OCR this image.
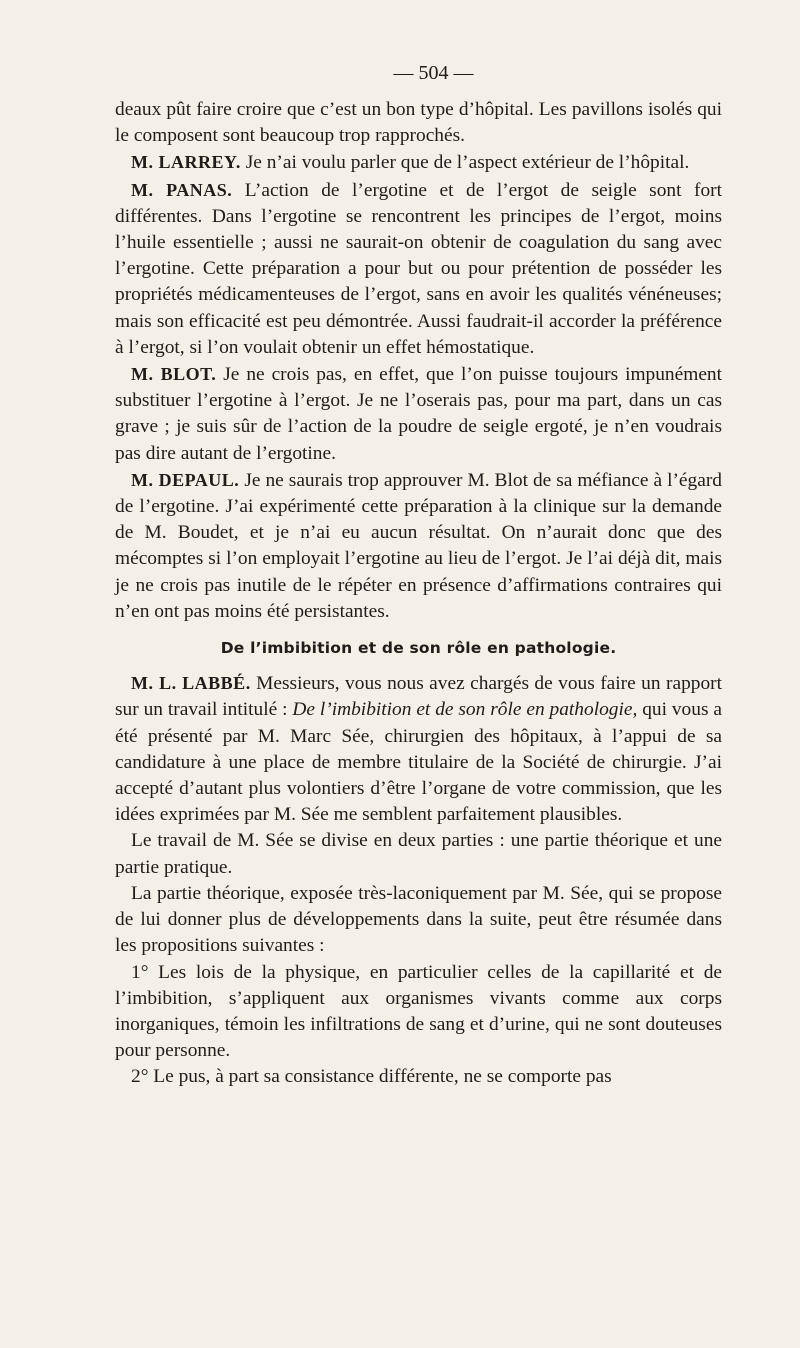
— 504 —

deaux pût faire croire que c’est un bon type d’hôpital. Les pavillons isolés qui le composent sont beaucoup trop rapprochés.

M. LARREY. Je n’ai voulu parler que de l’aspect extérieur de l’hôpital.

M. PANAS. L’action de l’ergotine et de l’ergot de seigle sont fort différentes. Dans l’ergotine se rencontrent les principes de l’ergot, moins l’huile essentielle ; aussi ne saurait-on obtenir de coagulation du sang avec l’ergotine. Cette préparation a pour but ou pour prétention de posséder les propriétés médicamenteuses de l’ergot, sans en avoir les qualités vénéneuses; mais son efficacité est peu démontrée. Aussi faudrait-il accorder la préférence à l’ergot, si l’on voulait obtenir un effet hémostatique.

M. BLOT. Je ne crois pas, en effet, que l’on puisse toujours impunément substituer l’ergotine à l’ergot. Je ne l’oserais pas, pour ma part, dans un cas grave ; je suis sûr de l’action de la poudre de seigle ergoté, je n’en voudrais pas dire autant de l’ergotine.

M. DEPAUL. Je ne saurais trop approuver M. Blot de sa méfiance à l’égard de l’ergotine. J’ai expérimenté cette préparation à la clinique sur la demande de M. Boudet, et je n’ai eu aucun résultat. On n’aurait donc que des mécomptes si l’on employait l’ergotine au lieu de l’ergot. Je l’ai déjà dit, mais je ne crois pas inutile de le répéter en présence d’affirmations contraires qui n’en ont pas moins été persistantes.

De l’imbibition et de son rôle en pathologie.

M. L. LABBÉ. Messieurs, vous nous avez chargés de vous faire un rapport sur un travail intitulé : De l’imbibition et de son rôle en pathologie, qui vous a été présenté par M. Marc Sée, chirurgien des hôpitaux, à l’appui de sa candidature à une place de membre titulaire de la Société de chirurgie. J’ai accepté d’autant plus volontiers d’être l’organe de votre commission, que les idées exprimées par M. Sée me semblent parfaitement plausibles.

Le travail de M. Sée se divise en deux parties : une partie théorique et une partie pratique.

La partie théorique, exposée très-laconiquement par M. Sée, qui se propose de lui donner plus de développements dans la suite, peut être résumée dans les propositions suivantes :

1° Les lois de la physique, en particulier celles de la capillarité et de l’imbibition, s’appliquent aux organismes vivants comme aux corps inorganiques, témoin les infiltrations de sang et d’urine, qui ne sont douteuses pour personne.

2° Le pus, à part sa consistance différente, ne se comporte pas
